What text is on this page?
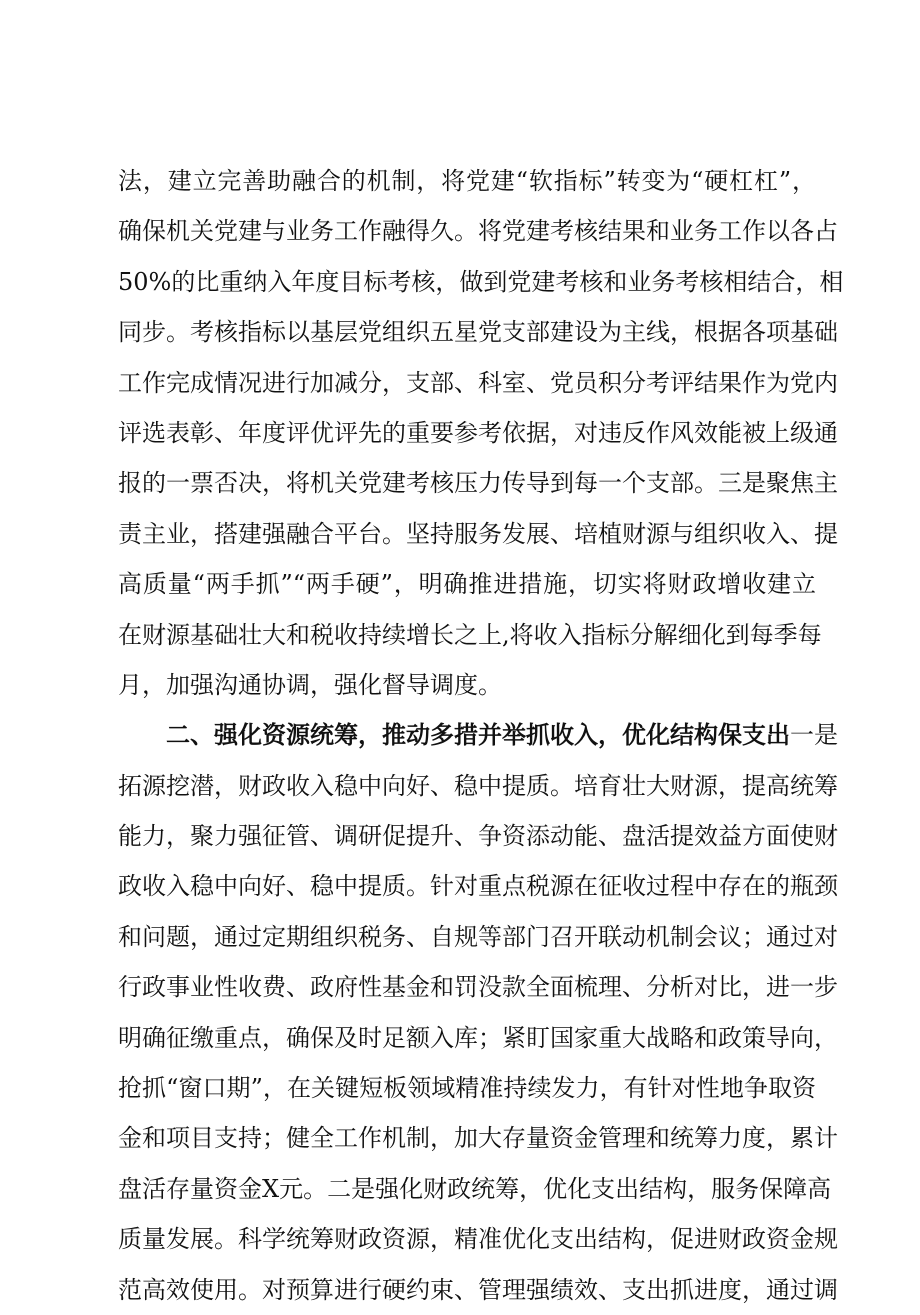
法，建立完善助融合的机制，将党建“软指标”转变为“硬杠杠”，
确保机关党建与业务工作融得久。将党建考核结果和业务工作以各占
50%的比重纳入年度目标考核，做到党建考核和业务考核相结合，相
同步。考核指标以基层党组织五星党支部建设为主线，根据各项基础
工作完成情况进行加减分，支部、科室、党员积分考评结果作为党内
评选表彰、年度评优评先的重要参考依据，对违反作风效能被上级通
报的一票否决，将机关党建考核压力传导到每一个支部。三是聚焦主
责主业，搭建强融合平台。坚持服务发展、培植财源与组织收入、提
高质量“两手抓”“两手硬”，明确推进措施，切实将财政增收建立
在财源基础壮大和税收持续增长之上,将收入指标分解细化到每季每
月，加强沟通协调，强化督导调度。
二、强化资源统筹，推动多措并举抓收入，优化结构保支出一是
拓源挖潜，财政收入稳中向好、稳中提质。培育壮大财源，提高统筹
能力，聚力强征管、调研促提升、争资添动能、盘活提效益方面使财
政收入稳中向好、稳中提质。针对重点税源在征收过程中存在的瓶颈
和问题，通过定期组织税务、自规等部门召开联动机制会议；通过对
行政事业性收费、政府性基金和罚没款全面梳理、分析对比，进一步
明确征缴重点，确保及时足额入库；紧盯国家重大战略和政策导向，
抢抓“窗口期”，在关键短板领域精准持续发力，有针对性地争取资
金和项目支持；健全工作机制，加大存量资金管理和统筹力度，累计
盘活存量资金X元。二是强化财政统筹，优化支出结构，服务保障高
质量发展。科学统筹财政资源，精准优化支出结构，促进财政资金规
范高效使用。对预算进行硬约束、管理强绩效、支出抓进度，通过调
